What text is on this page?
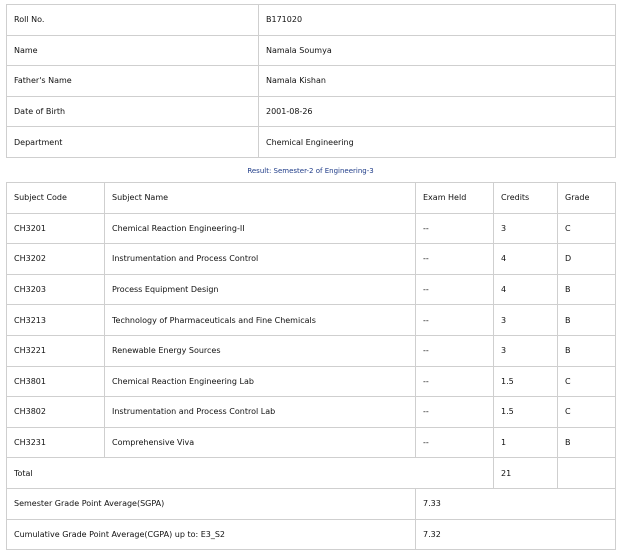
Roll No.	B171020
Name	Namala Soumya
Father's Name	Namala Kishan
Date of Birth	2001-08-26
Department	Chemical Engineering
Result: Semester-2 of Engineering-3
Subject Code	Subject Name	Exam Held	Credits	Grade
CH3201	Chemical Reaction Engineering-II	--	3	C
CH3202	Instrumentation and Process Control	--	4	D
CH3203	Process Equipment Design	--	4	B
CH3213	Technology of Pharmaceuticals and Fine Chemicals	--	3	B
CH3221	Renewable Energy Sources	--	3	B
CH3801	Chemical Reaction Engineering Lab	--	1.5	C
CH3802	Instrumentation and Process Control Lab	--	1.5	C
CH3231	Comprehensive Viva	--	1	B
Total			21	
Semester Grade Point Average(SGPA)		7.33		
Cumulative Grade Point Average(CGPA) up to: E3_S2		7.32		
